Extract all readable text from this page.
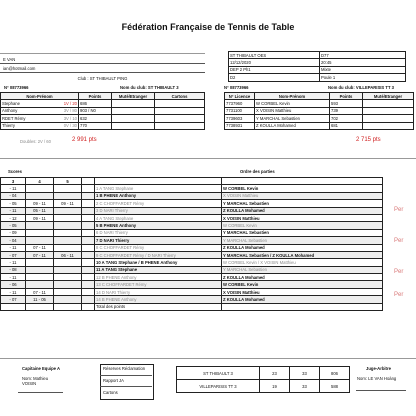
Fédération Française de Tennis de Table
E VAN
ian@hotmail.com
Club : ST THIBAULT PING
ST THIBAULT OES	D77
12/12/2020	20:45
DEP 2 Ph1	Mixte
D2	Poule 1
N° 08773966	Nom du club: ST THIBAULT 3
Nom-Prénom	Points	Muté/Etranger	Cartons
Stephane 1V / 20	686		
Anthony 3V / 80	903 / N0		
RDET Rémy 3V / 10	632		
Thierry 0V / 30	770		
Doubles: 2V / 60	2 991 pts
N° 08773966	Nom du club: VILLEPARISIS TT 3
N° Licence	Nom-Prénom	Points	Muté/Etranger
7737960	W CORBEL Kevin	593	
7731100	X VOISIN Matthieu	739	
7739603	Y MARCHAL Sebastien	702	
7738931	Z KOULLA Mohamed	681	
2 715 pts
Scores	Ordre des parties
3	4	5			
- 11				1 A TANG Stephane	W CORBEL Kevin
- 04				1 B PHENE Anthony	X VOISIN Matthieu
- 05	09 - 11	09 - 11		2 C CHOFFARDET Rémy	Y MARCHAL Sebastien
- 11	05 - 11			3 D NARI Thierry	Z KOULLA Mohamed
- 12	09 - 11			4 A TANG Stephane	X VOISIN Matthieu
- 05				5 B PHENE Anthony	W CORBEL Kevin
- 09				6 D NARI Thierry	Y MARCHAL Sebastien
- 04				7 D NARI Thierry	Y MARCHAL Sebastien
- 11	07 - 11			8 C CHOFFARDET Rémy	Z KOULLA Mohamed
- 07	07 - 11	06 - 11		9 C CHOFFARDET Rémy / D NARI Thierry	Y MARCHAL Sebastien / Z KOULLA Mohamed
- 11				10 A TANG Stephane / B PHENE Anthony	W CORBEL Kevin / X VOISIN Matthieu
- 08				11 A TANG Stephane	Y MARCHAL Sebastien
- 11				12 B PHENE Anthony	Z KOULLA Mohamed
- 06				13 C CHOFFARDET Rémy	W CORBEL Kevin
- 11	07 - 11			14 D NARI Thierry	X VOISIN Matthieu
- 07	11 - 05			14 B PHENE Anthony	Z KOULLA Mohamed
				Total des points	
Per
Per
Per
Per
Capitaine Equipe A
Nom: Mathieu VOISIN
Réserves Réclamation
Rapport JA
Cartons
ST THIBAULT 3	23	33	806
VILLEPARISIS TT 3	19	33	588
Juge-Arbitre
Nom: LE VAN Hoàng
